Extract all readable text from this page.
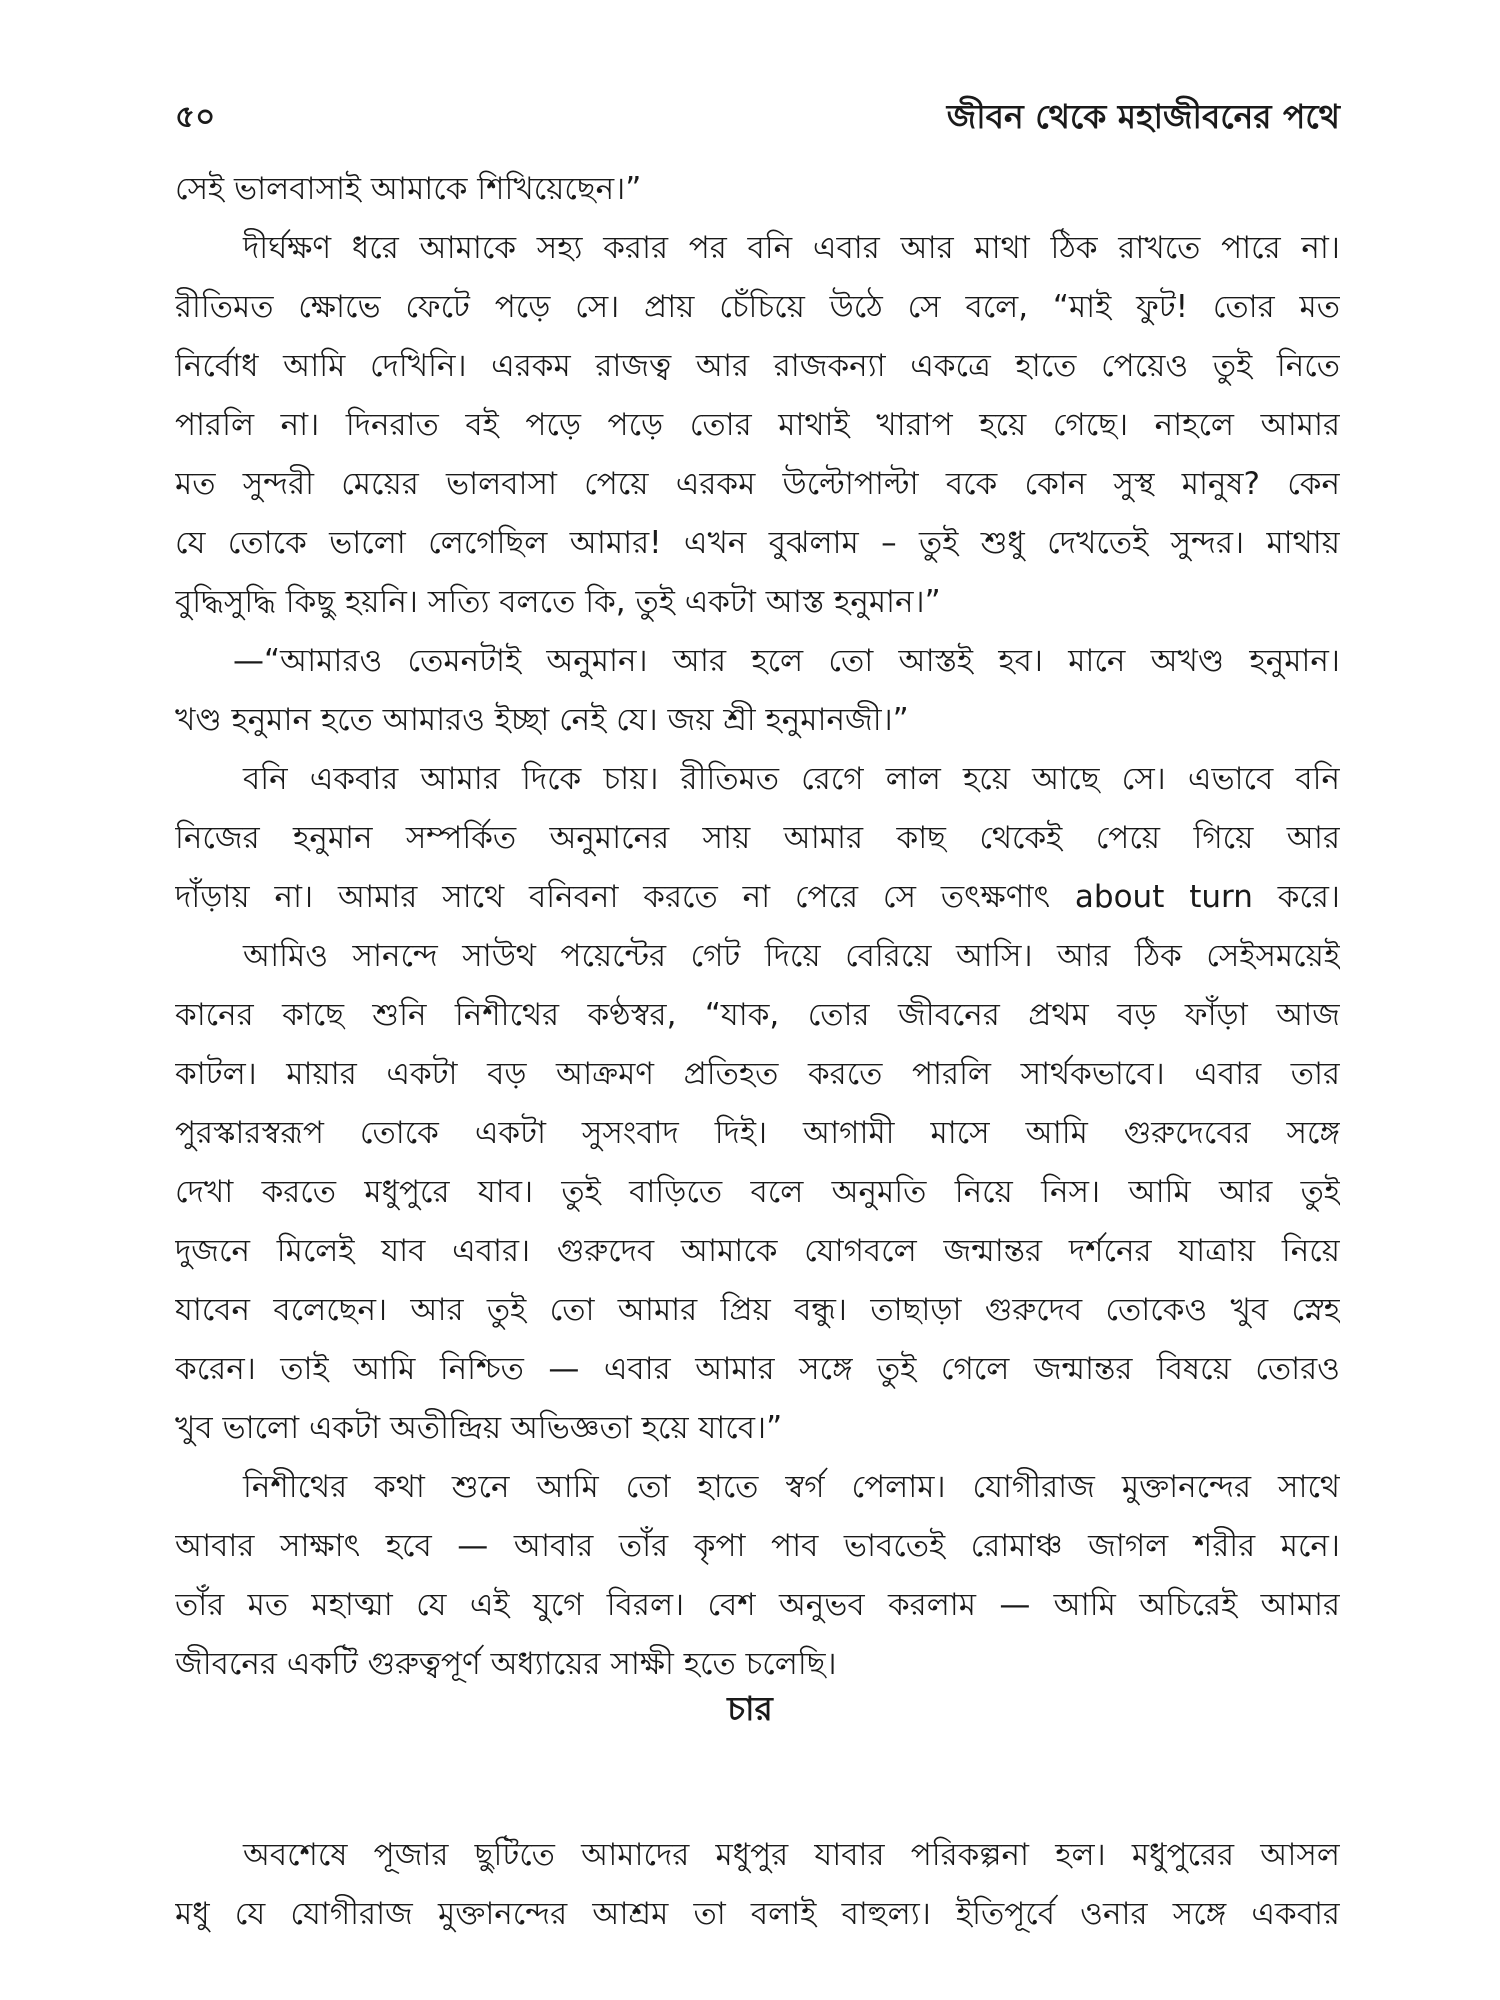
৫০	জীবন থেকে মহাজীবনের পথে
সেই ভালবাসাই আমাকে শিখিয়েছেন।”
দীর্ঘক্ষণ ধরে আমাকে সহ্য করার পর বনি এবার আর মাথা ঠিক রাখতে পারে না।
রীতিমত ক্ষোভে ফেটে পড়ে সে। প্রায় চেঁচিয়ে উঠে সে বলে, “মাই ফুট! তোর মত
নির্বোধ আমি দেখিনি। এরকম রাজত্ব আর রাজকন্যা একত্রে হাতে পেয়েও তুই নিতে
পারলি না। দিনরাত বই পড়ে পড়ে তোর মাথাই খারাপ হয়ে গেছে। নাহলে আমার
মত সুন্দরী মেয়ের ভালবাসা পেয়ে এরকম উল্টোপাল্টা বকে কোন সুস্থ মানুষ? কেন
যে তোকে ভালো লেগেছিল আমার! এখন বুঝলাম – তুই শুধু দেখতেই সুন্দর। মাথায়
বুদ্ধিসুদ্ধি কিছু হয়নি। সত্যি বলতে কি, তুই একটা আস্ত হনুমান।”
—“আমারও তেমনটাই অনুমান। আর হলে তো আস্তই হব। মানে অখণ্ড হনুমান।
খণ্ড হনুমান হতে আমারও ইচ্ছা নেই যে। জয় শ্রী হনুমানজী।”
বনি একবার আমার দিকে চায়। রীতিমত রেগে লাল হয়ে আছে সে। এভাবে বনি
নিজের হনুমান সম্পর্কিত অনুমানের সায় আমার কাছ থেকেই পেয়ে গিয়ে আর
দাঁড়ায় না। আমার সাথে বনিবনা করতে না পেরে সে তৎক্ষণাৎ about turn করে।
আমিও সানন্দে সাউথ পয়েন্টের গেট দিয়ে বেরিয়ে আসি। আর ঠিক সেইসময়েই
কানের কাছে শুনি নিশীথের কণ্ঠস্বর, “যাক, তোর জীবনের প্রথম বড় ফাঁড়া আজ
কাটল। মায়ার একটা বড় আক্রমণ প্রতিহত করতে পারলি সার্থকভাবে। এবার তার
পুরস্কারস্বরূপ তোকে একটা সুসংবাদ দিই। আগামী মাসে আমি গুরুদেবের সঙ্গে
দেখা করতে মধুপুরে যাব। তুই বাড়িতে বলে অনুমতি নিয়ে নিস। আমি আর তুই
দুজনে মিলেই যাব এবার। গুরুদেব আমাকে যোগবলে জন্মান্তর দর্শনের যাত্রায় নিয়ে
যাবেন বলেছেন। আর তুই তো আমার প্রিয় বন্ধু। তাছাড়া গুরুদেব তোকেও খুব স্নেহ
করেন। তাই আমি নিশ্চিত — এবার আমার সঙ্গে তুই গেলে জন্মান্তর বিষয়ে তোরও
খুব ভালো একটা অতীন্দ্রিয় অভিজ্ঞতা হয়ে যাবে।”
নিশীথের কথা শুনে আমি তো হাতে স্বর্গ পেলাম। যোগীরাজ মুক্তানন্দের সাথে
আবার সাক্ষাৎ হবে — আবার তাঁর কৃপা পাব ভাবতেই রোমাঞ্চ জাগল শরীর মনে।
তাঁর মত মহাত্মা যে এই যুগে বিরল। বেশ অনুভব করলাম — আমি অচিরেই আমার
জীবনের একটি গুরুত্বপূর্ণ অধ্যায়ের সাক্ষী হতে চলেছি।
চার
অবশেষে পূজার ছুটিতে আমাদের মধুপুর যাবার পরিকল্পনা হল। মধুপুরের আসল
মধু যে যোগীরাজ মুক্তানন্দের আশ্রম তা বলাই বাহুল্য। ইতিপূর্বে ওনার সঙ্গে একবার
